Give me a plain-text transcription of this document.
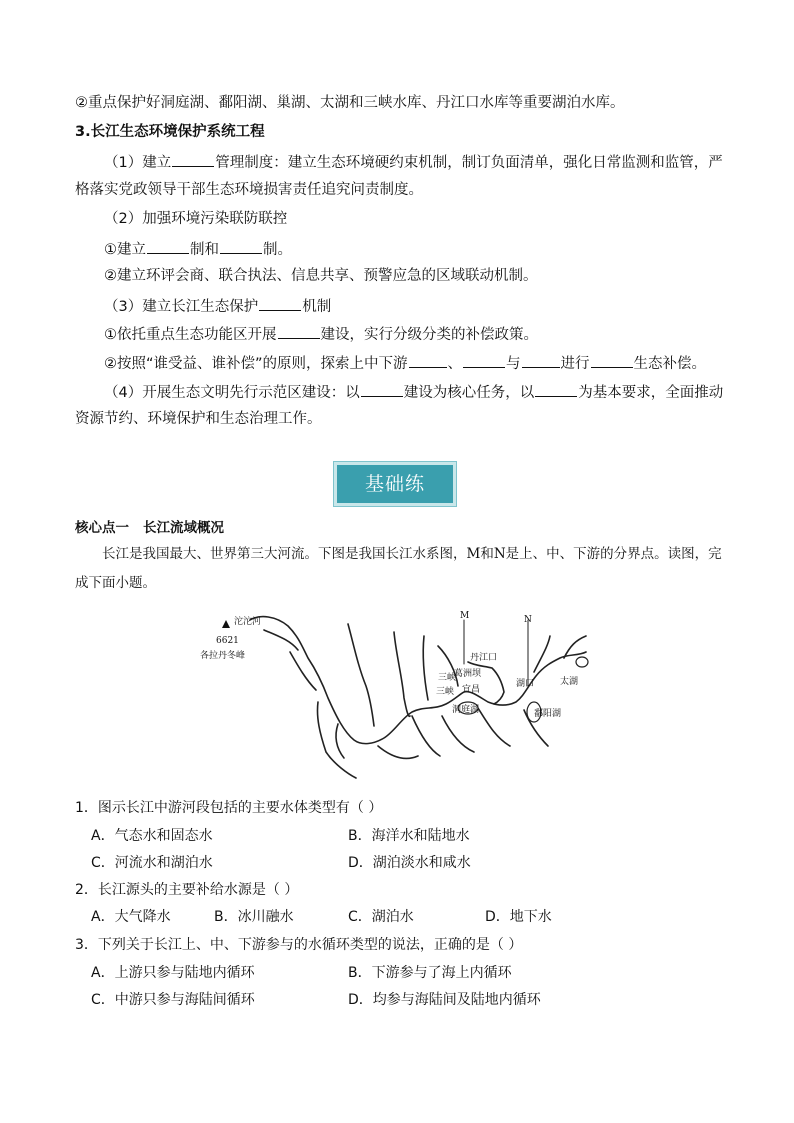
②重点保护好洞庭湖、鄱阳湖、巢湖、太湖和三峡水库、丹江口水库等重要湖泊水库。
3.长江生态环境保护系统工程
（1）建立	管理制度：建立生态环境硬约束机制，制订负面清单，强化日常监测和监管，严
格落实党政领导干部生态环境损害责任追究问责制度。
（2）加强环境污染联防联控
①建立	制和	制。
②建立环评会商、联合执法、信息共享、预警应急的区域联动机制。
（3）建立长江生态保护	机制
①依托重点生态功能区开展	建设，实行分级分类的补偿政策。
②按照“谁受益、谁补偿”的原则，探索上中下游	、	与	进行	生态补偿。
（4）开展生态文明先行示范区建设：以	建设为核心任务，以	为基本要求，全面推动
资源节约、环境保护和生态治理工作。
基础练
核心点一 长江流域概况
长江是我国最大、世界第三大河流。下图是我国长江水系图，M和N是上、中、下游的分界点。读图，完成下面小题。
沱沱河
6621
各拉丹冬峰
M	N
丹江口
葛洲坝
三峡
三峡 宜昌
湖口	太湖
洞庭湖	鄱阳湖
1．图示长江中游河段包括的主要水体类型有（ ）
A．气态水和固态水	B．海洋水和陆地水
C．河流水和湖泊水	D．湖泊淡水和咸水
2．长江源头的主要补给水源是（ ）
A．大气降水	B．冰川融水	C．湖泊水	D．地下水
3．下列关于长江上、中、下游参与的水循环类型的说法，正确的是（ ）
A．上游只参与陆地内循环	B．下游参与了海上内循环
C．中游只参与海陆间循环	D．均参与海陆间及陆地内循环
